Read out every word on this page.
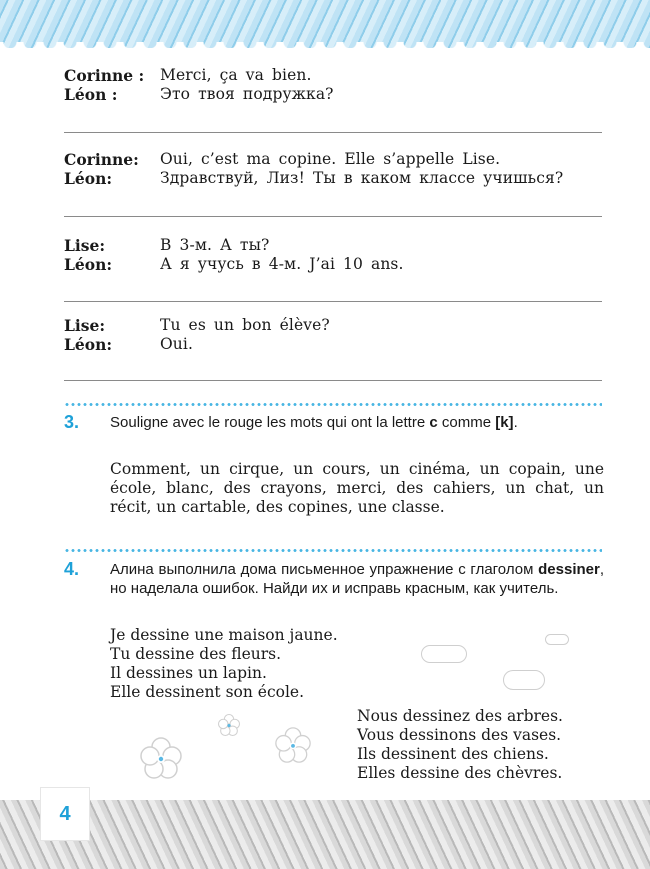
Corinne :	Merci, ça va bien.
Léon :	Это твоя подружка?
Corinne:	Oui, c’est ma copine. Elle s’appelle Lise.
Léon:	Здравствуй, Лиз! Ты в каком классе учишься?
Lise:	В 3-м. А ты?
Léon:	А я учусь в 4-м. J’ai 10 ans.
Lise:	Tu es un bon élève?
Léon:	Oui.
3. Souligne avec le rouge les mots qui ont la lettre c comme [k].
Comment, un cirque, un cours, un cinéma, un copain, une école, blanc, des crayons, merci, des cahiers, un chat, un récit, un cartable, des copines, une classe.
4. Алина выполнила дома письменное упражнение с глаголом dessiner, но наделала ошибок. Найди их и исправь красным, как учитель.
Je dessine une maison jaune.
Tu dessine des fleurs.
Il dessines un lapin.
Elle dessinent son école.
Nous dessinez des arbres.
Vous dessinons des vases.
Ils dessinent des chiens.
Elles dessine des chèvres.
4
